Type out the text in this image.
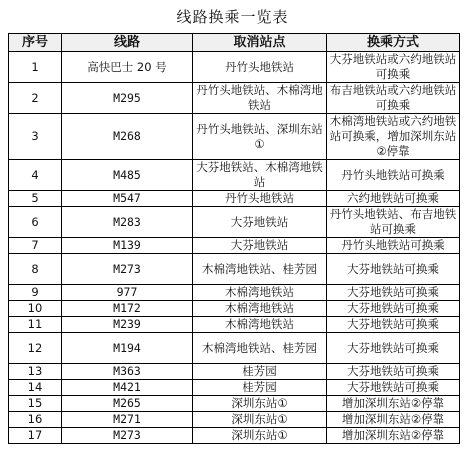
线路换乘一览表
序号	线路	取消站点	换乘方式
1	高快巴士 20 号	丹竹头地铁站	大芬地铁站或六约地铁站可换乘
2	M295	丹竹头地铁站、木棉湾地铁站	布吉地铁站或六约地铁站可换乘
3	M268	丹竹头地铁站、深圳东站①	木棉湾地铁站或六约地铁站可换乘，增加深圳东站②停靠
4	M485	大芬地铁站、木棉湾地铁站	丹竹头地铁站可换乘
5	M547	丹竹头地铁站	六约地铁站可换乘
6	M283	大芬地铁站	丹竹头地铁站、布吉地铁站可换乘
7	M139	大芬地铁站	丹竹头地铁站可换乘
8	M273	木棉湾地铁站、桂芳园	大芬地铁站可换乘
9	977	木棉湾地铁站	大芬地铁站可换乘
10	M172	木棉湾地铁站	大芬地铁站可换乘
11	M239	木棉湾地铁站	大芬地铁站可换乘
12	M194	木棉湾地铁站、桂芳园	大芬地铁站可换乘
13	M363	桂芳园	大芬地铁站可换乘
14	M421	桂芳园	大芬地铁站可换乘
15	M265	深圳东站①	增加深圳东站②停靠
16	M271	深圳东站①	增加深圳东站②停靠
17	M273	深圳东站①	增加深圳东站②停靠
